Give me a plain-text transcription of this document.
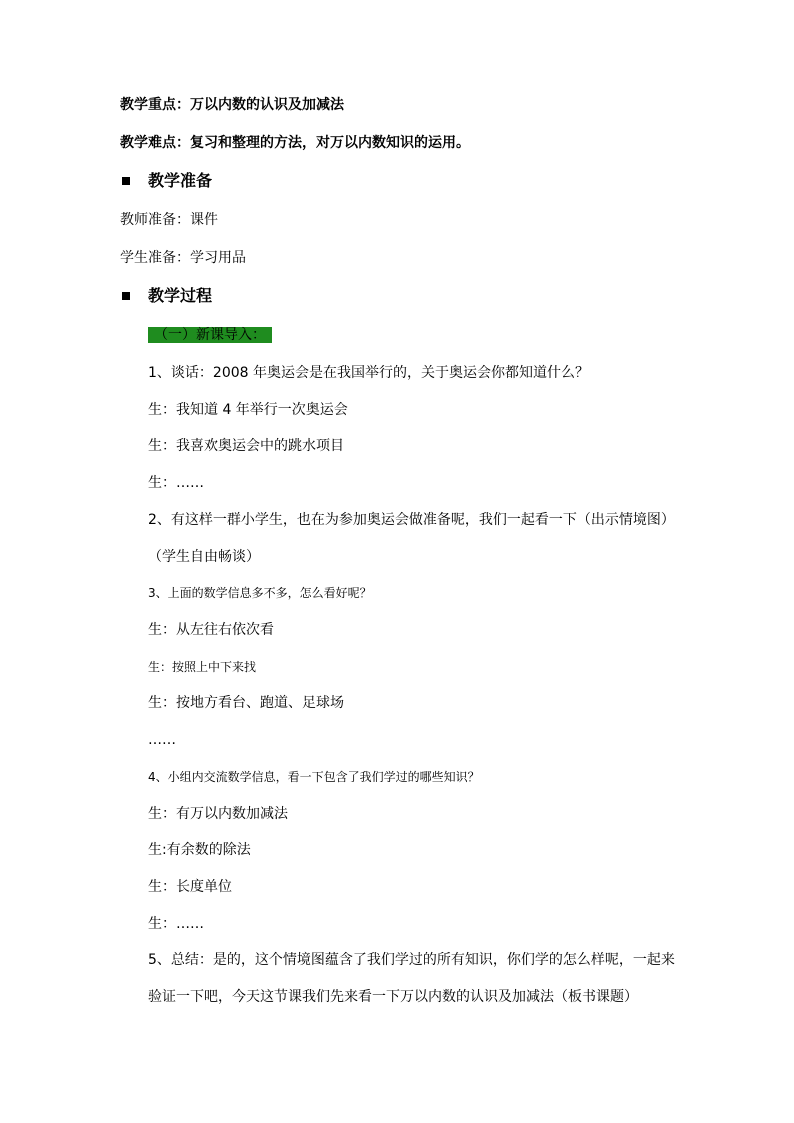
教学重点：万以内数的认识及加减法
教学难点：复习和整理的方法，对万以内数知识的运用。
教学准备
教师准备：课件
学生准备：学习用品
教学过程
（一）新课导入：
1、谈话：2008 年奥运会是在我国举行的，关于奥运会你都知道什么？
生：我知道 4 年举行一次奥运会
生：我喜欢奥运会中的跳水项目
生：……
2、有这样一群小学生，也在为参加奥运会做准备呢，我们一起看一下（出示情境图）
（学生自由畅谈）
3、上面的数学信息多不多，怎么看好呢？
生：从左往右依次看
生：按照上中下来找
生：按地方看台、跑道、足球场
……
4、小组内交流数学信息，看一下包含了我们学过的哪些知识？
生：有万以内数加减法
生:有余数的除法
生：长度单位
生：……
5、总结：是的，这个情境图蕴含了我们学过的所有知识，你们学的怎么样呢，一起来
验证一下吧，今天这节课我们先来看一下万以内数的认识及加减法（板书课题）
